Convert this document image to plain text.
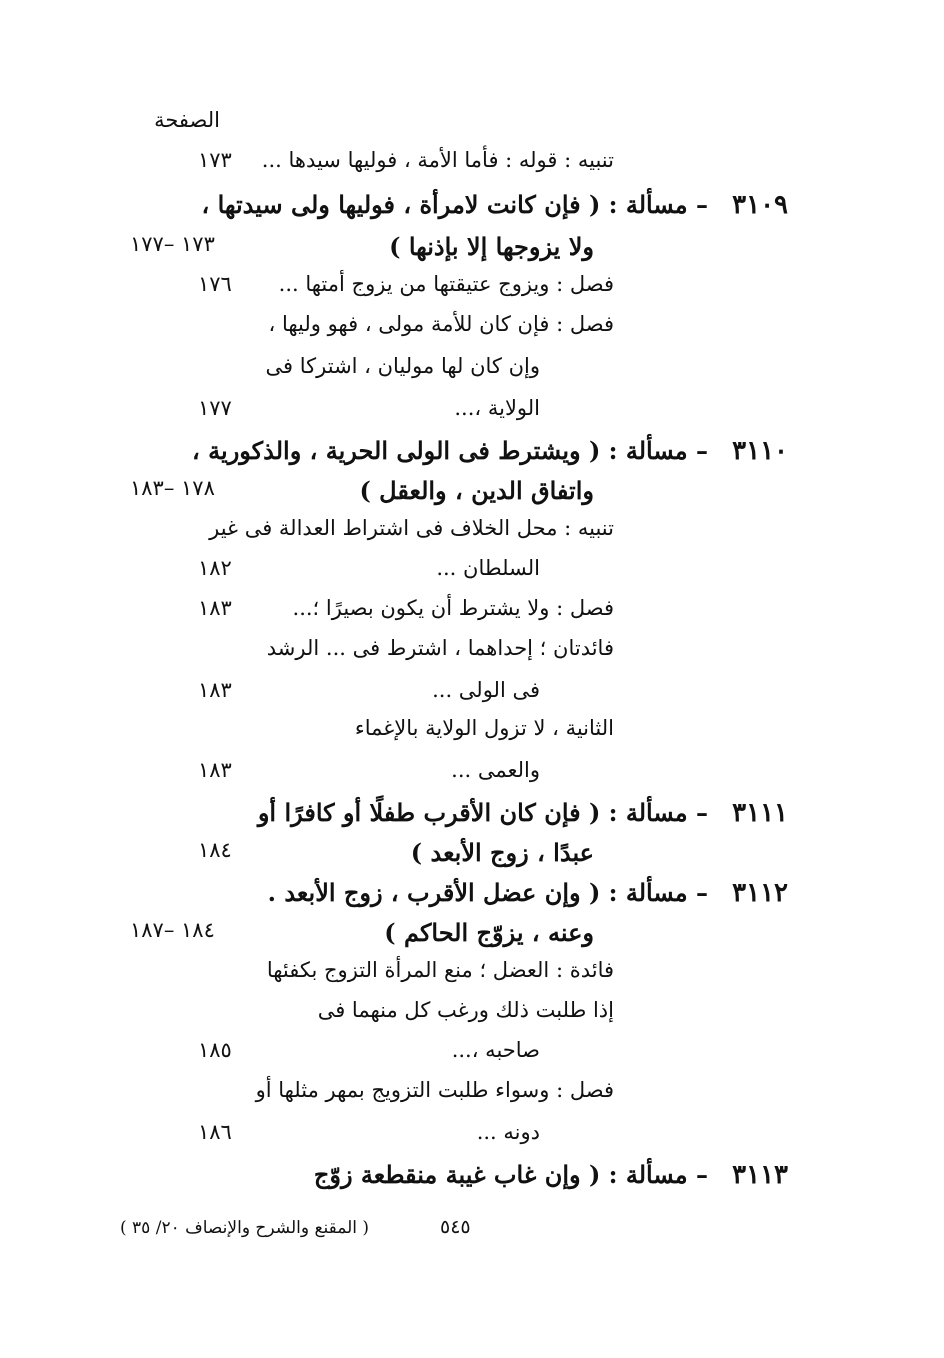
الصفحة
تنبيه : قوله : فأما الأمة ، فوليها سيدها ...
١٧٣
٣١٠٩
– مسألة : ( فإن كانت لامرأة ، فوليها ولى سيدتها ،
ولا يزوجها إلا بإذنها )
١٧٣ –١٧٧
فصل : ويزوج عتيقتها من يزوج أمتها ...
١٧٦
فصل : فإن كان للأمة مولى ، فهو وليها ،
وإن كان لها موليان ، اشتركا فى
الولاية ،...
١٧٧
٣١١٠
– مسألة : ( ويشترط فى الولى الحرية ، والذكورية ،
واتفاق الدين ، والعقل )
١٧٨ –١٨٣
تنبيه : محل الخلاف فى اشتراط العدالة فى غير
السلطان ...
١٨٢
فصل : ولا يشترط أن يكون بصيرًا ؛...
١٨٣
فائدتان ؛ إحداهما ، اشترط فى ... الرشد
فى الولى ...
١٨٣
الثانية ، لا تزول الولاية بالإغماء
والعمى ...
١٨٣
٣١١١
– مسألة : ( فإن كان الأقرب طفلًا أو كافرًا أو
عبدًا ، زوج الأبعد )
١٨٤
٣١١٢
– مسألة : ( وإن عضل الأقرب ، زوج الأبعد .
وعنه ، يزوّج الحاكم )
١٨٤ –١٨٧
فائدة : العضل ؛ منع المرأة التزوج بكفئها
إذا طلبت ذلك ورغب كل منهما فى
صاحبه ،...
١٨٥
فصل : وسواء طلبت التزويج بمهر مثلها أو
دونه ...
١٨٦
٣١١٣
– مسألة : ( وإن غاب غيبة منقطعة زوّج
( المقنع والشرح والإنصاف ٢٠/ ٣٥ )	٥٤٥
